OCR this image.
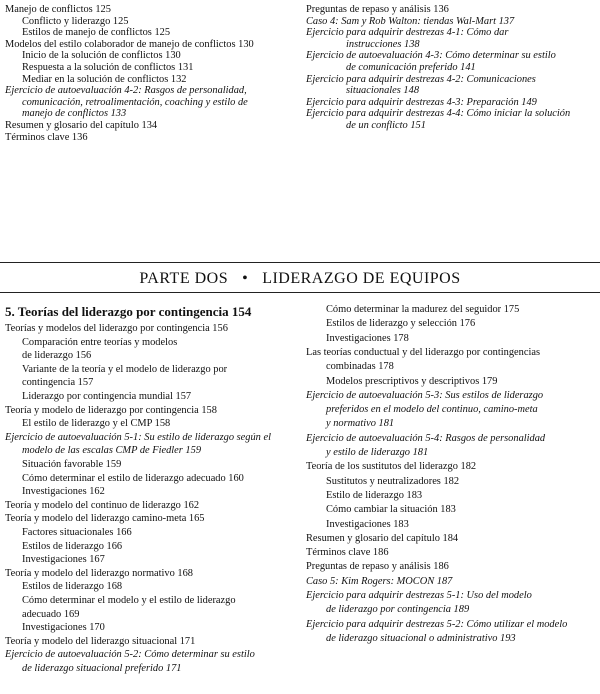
Manejo de conflictos 125
Conflicto y liderazgo 125
Estilos de manejo de conflictos 125
Modelos del estilo colaborador de manejo de conflictos 130
Inicio de la solución de conflictos 130
Respuesta a la solución de conflictos 131
Mediar en la solución de conflictos 132
Ejercicio de autoevaluación 4-2: Rasgos de personalidad,
comunicación, retroalimentación, coaching y estilo de
manejo de conflictos 133
Resumen y glosario del capítulo 134
Términos clave 136
Preguntas de repaso y análisis 136
Caso 4: Sam y Rob Walton: tiendas Wal-Mart 137
Ejercicio para adquirir destrezas 4-1: Cómo dar
instrucciones 138
Ejercicio de autoevaluación 4-3: Cómo determinar su estilo
de comunicación preferido 141
Ejercicio para adquirir destrezas 4-2: Comunicaciones
situacionales 148
Ejercicio para adquirir destrezas 4-3: Preparación 149
Ejercicio para adquirir destrezas 4-4: Cómo iniciar la solución
de un conflicto 151
PARTE DOS • LIDERAZGO DE EQUIPOS
5. Teorías del liderazgo por contingencia 154
Teorías y modelos del liderazgo por contingencia 156
Comparación entre teorías y modelos
de liderazgo 156
Variante de la teoría y el modelo de liderazgo por
contingencia 157
Liderazgo por contingencia mundial 157
Teoría y modelo de liderazgo por contingencia 158
El estilo de liderazgo y el CMP 158
Ejercicio de autoevaluación 5-1: Su estilo de liderazgo según el
modelo de las escalas CMP de Fiedler 159
Situación favorable 159
Cómo determinar el estilo de liderazgo adecuado 160
Investigaciones 162
Teoría y modelo del continuo de liderazgo 162
Teoría y modelo del liderazgo camino-meta 165
Factores situacionales 166
Estilos de liderazgo 166
Investigaciones 167
Teoría y modelo del liderazgo normativo 168
Estilos de liderazgo 168
Cómo determinar el modelo y el estilo de liderazgo
adecuado 169
Investigaciones 170
Teoría y modelo del liderazgo situacional 171
Ejercicio de autoevaluación 5-2: Cómo determinar su estilo
de liderazgo situacional preferido 171
Cómo determinar la madurez del seguidor 175
Estilos de liderazgo y selección 176
Investigaciones 178
Las teorías conductual y del liderazgo por contingencias
combinadas 178
Modelos prescriptivos y descriptivos 179
Ejercicio de autoevaluación 5-3: Sus estilos de liderazgo
preferidos en el modelo del continuo, camino-meta
y normativo 181
Ejercicio de autoevaluación 5-4: Rasgos de personalidad
y estilo de liderazgo 181
Teoría de los sustitutos del liderazgo 182
Sustitutos y neutralizadores 182
Estilo de liderazgo 183
Cómo cambiar la situación 183
Investigaciones 183
Resumen y glosario del capítulo 184
Términos clave 186
Preguntas de repaso y análisis 186
Caso 5: Kim Rogers: MOCON 187
Ejercicio para adquirir destrezas 5-1: Uso del modelo
de liderazgo por contingencia 189
Ejercicio para adquirir destrezas 5-2: Cómo utilizar el modelo
de liderazgo situacional o administrativo 193
